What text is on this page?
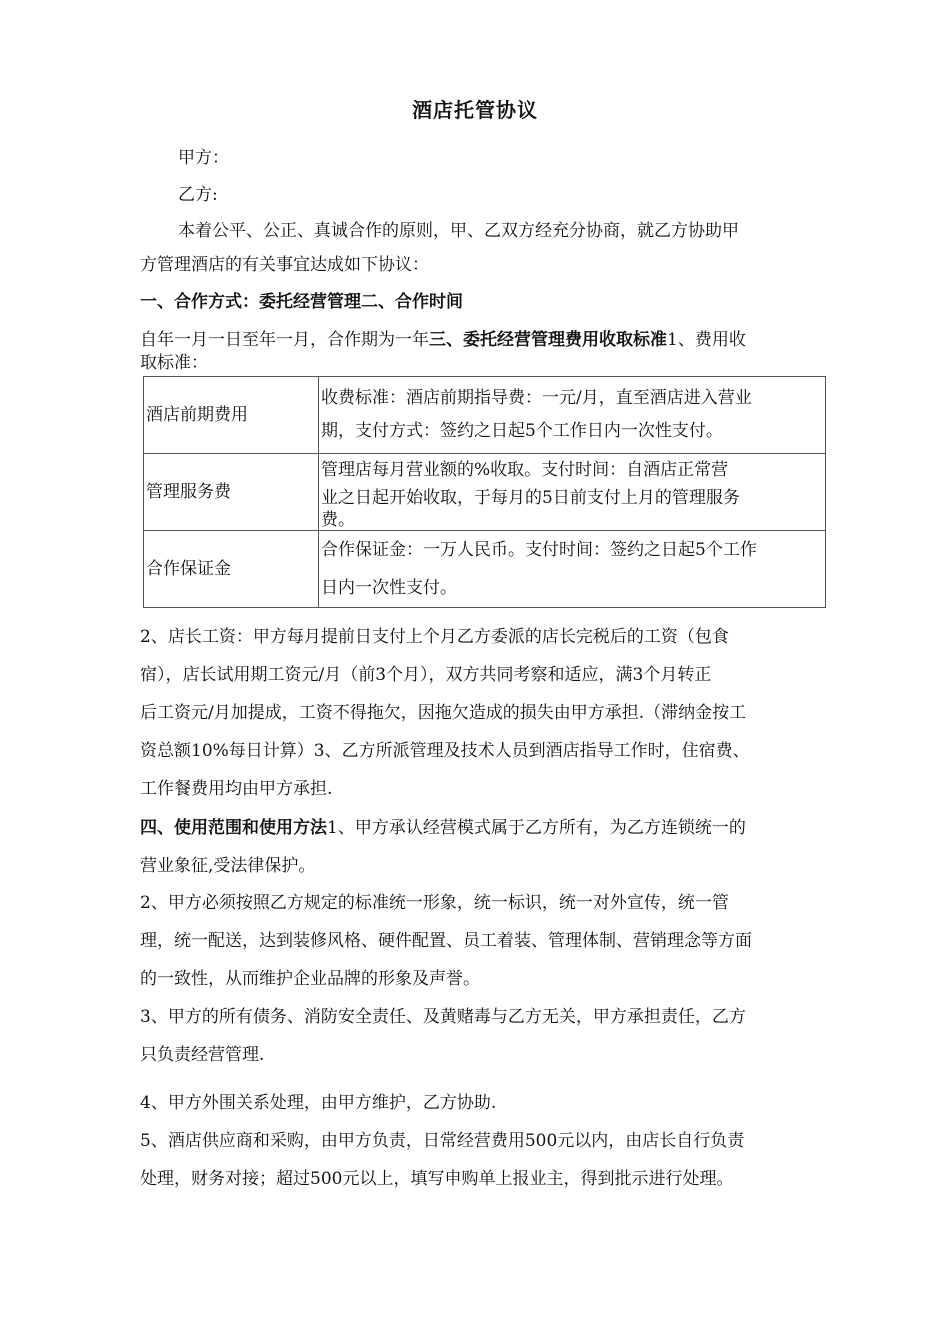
酒店托管协议
甲方：
乙方:
本着公平、公正、真诚合作的原则，甲、乙双方经充分协商，就乙方协助甲
方管理酒店的有关事宜达成如下协议：
一、合作方式：委托经营管理二、合作时间
自年一月一日至年一月，合作期为一年三、委托经营管理费用收取标准1、费用收
取标准：
酒店前期费用	收费标准：酒店前期指导费：一元/月，直至酒店进入营业
期，支付方式：签约之日起5个工作日内一次性支付。

管理服务费	管理店每月营业额的%收取。支付时间：自酒店正常营
业之日起开始收取，于每月的5日前支付上月的管理服务
费。

合作保证金	合作保证金：一万人民币。支付时间：签约之日起5个工作
日内一次性支付。
2、店长工资：甲方每月提前日支付上个月乙方委派的店长完税后的工资（包食
宿），店长试用期工资元/月（前3个月），双方共同考察和适应，满3个月转正
后工资元/月加提成，工资不得拖欠，因拖欠造成的损失由甲方承担.（滞纳金按工
资总额10%每日计算）3、乙方所派管理及技术人员到酒店指导工作时，住宿费、
工作餐费用均由甲方承担.
四、使用范围和使用方法1、甲方承认经营模式属于乙方所有，为乙方连锁统一的
营业象征,受法律保护。
2、甲方必须按照乙方规定的标准统一形象，统一标识，统一对外宣传，统一管
理，统一配送，达到装修风格、硬件配置、员工着装、管理体制、营销理念等方面
的一致性，从而维护企业品牌的形象及声誉。
3、甲方的所有债务、消防安全责任、及黄赌毒与乙方无关，甲方承担责任，乙方
只负责经营管理.
4、甲方外围关系处理，由甲方维护，乙方协助.
5、酒店供应商和采购，由甲方负责，日常经营费用500元以内，由店长自行负责
处理，财务对接；超过500元以上，填写申购单上报业主，得到批示进行处理。
